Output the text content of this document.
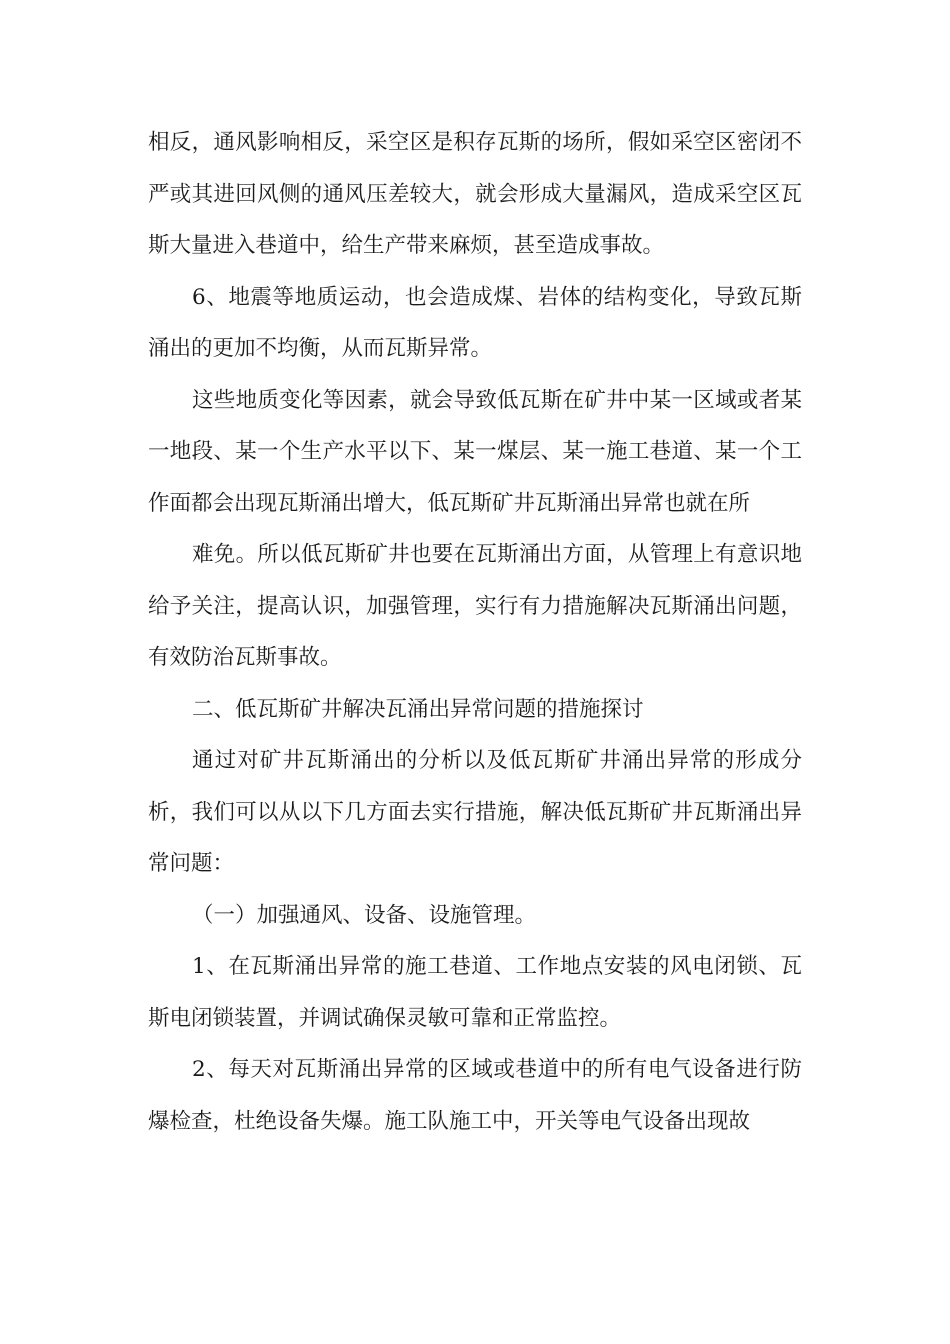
相反，通风影响相反，采空区是积存瓦斯的场所，假如采空区密闭不严或其进回风侧的通风压差较大，就会形成大量漏风，造成采空区瓦斯大量进入巷道中，给生产带来麻烦，甚至造成事故。

6、地震等地质运动，也会造成煤、岩体的结构变化，导致瓦斯涌出的更加不均衡，从而瓦斯异常。

这些地质变化等因素，就会导致低瓦斯在矿井中某一区域或者某一地段、某一个生产水平以下、某一煤层、某一施工巷道、某一个工作面都会出现瓦斯涌出增大，低瓦斯矿井瓦斯涌出异常也就在所

难免。所以低瓦斯矿井也要在瓦斯涌出方面，从管理上有意识地给予关注，提高认识，加强管理，实行有力措施解决瓦斯涌出问题，有效防治瓦斯事故。

二、低瓦斯矿井解决瓦涌出异常问题的措施探讨

通过对矿井瓦斯涌出的分析以及低瓦斯矿井涌出异常的形成分析，我们可以从以下几方面去实行措施，解决低瓦斯矿井瓦斯涌出异常问题：

（一）加强通风、设备、设施管理。

1、在瓦斯涌出异常的施工巷道、工作地点安装的风电闭锁、瓦斯电闭锁装置，并调试确保灵敏可靠和正常监控。

2、每天对瓦斯涌出异常的区域或巷道中的所有电气设备进行防爆检查，杜绝设备失爆。施工队施工中，开关等电气设备出现故
